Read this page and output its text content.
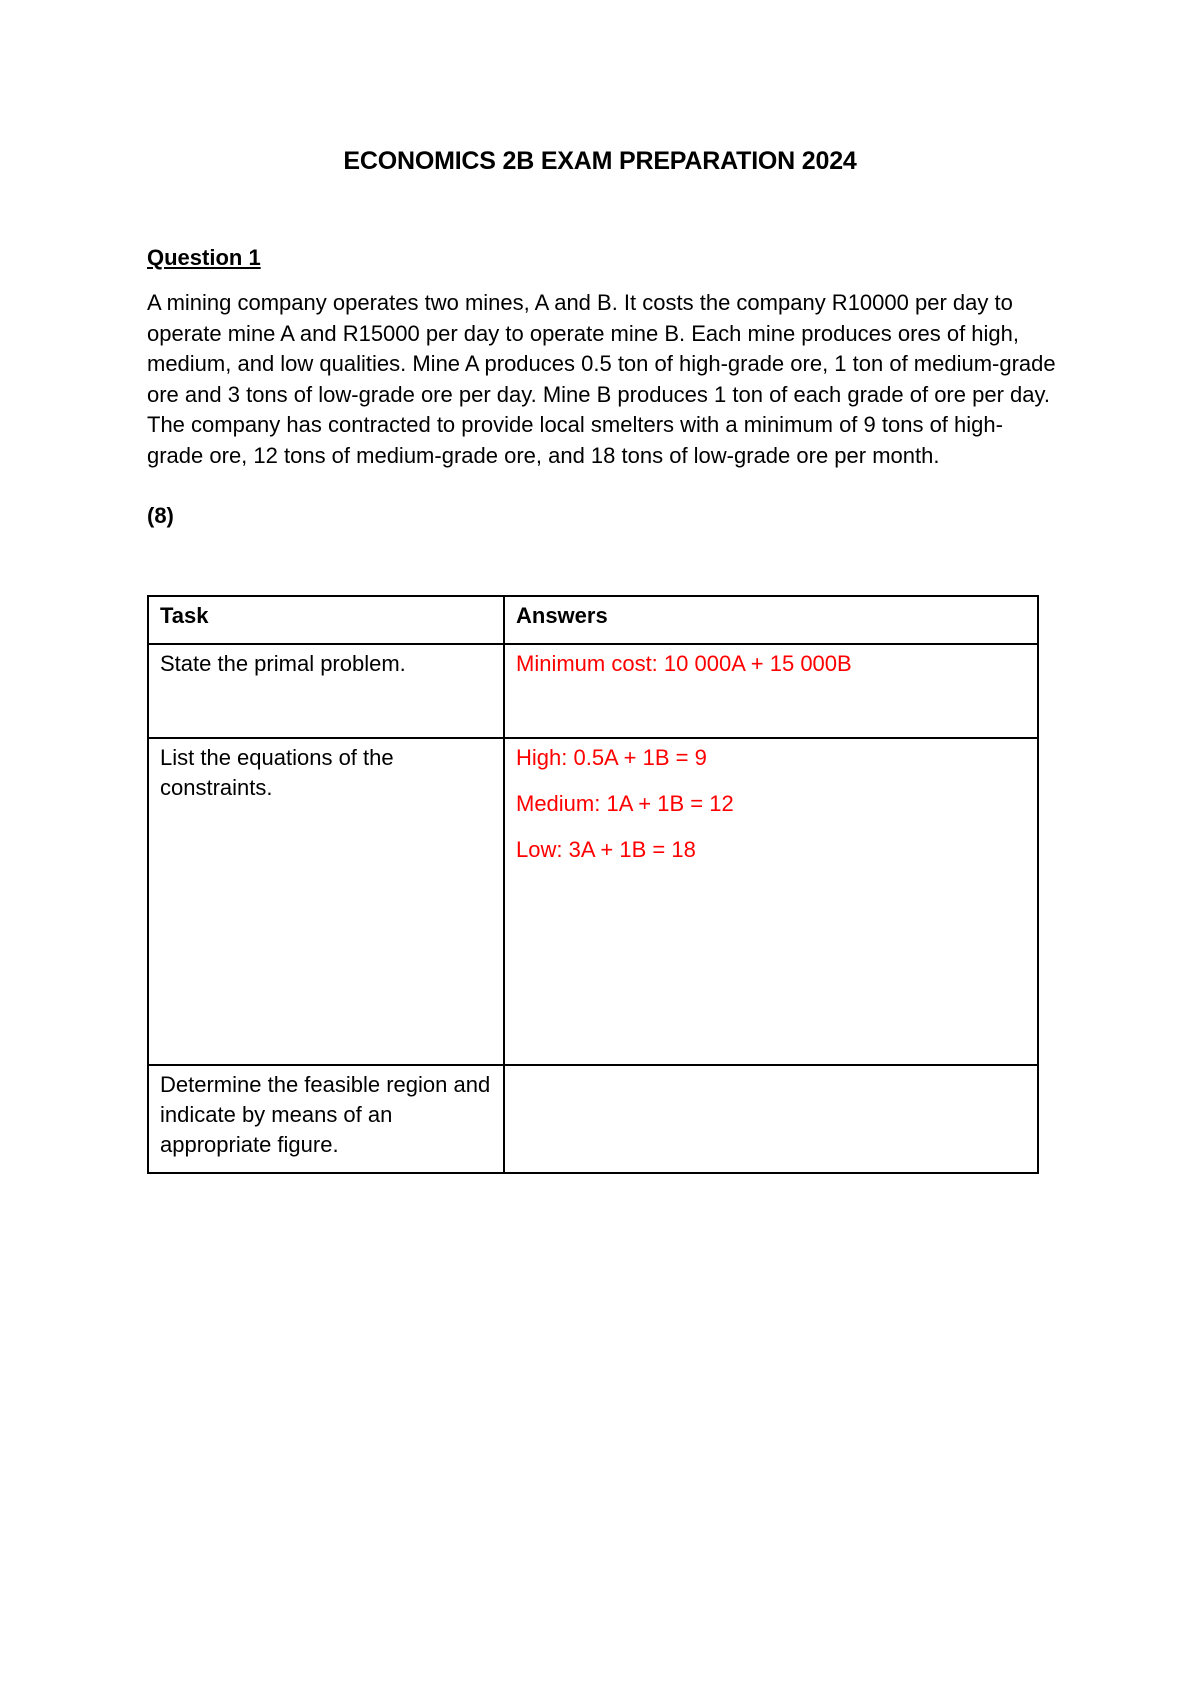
ECONOMICS 2B EXAM PREPARATION 2024
Question 1
A mining company operates two mines, A and B. It costs the company R10000 per day to operate mine A and R15000 per day to operate mine B. Each mine produces ores of high, medium, and low qualities. Mine A produces 0.5 ton of high-grade ore, 1 ton of medium-grade ore and 3 tons of low-grade ore per day. Mine B produces 1 ton of each grade of ore per day. The company has contracted to provide local smelters with a minimum of 9 tons of high-grade ore, 12 tons of medium-grade ore, and 18 tons of low-grade ore per month.
(8)
Task	Answers
State the primal problem.	Minimum cost: 10 000A + 15 000B

List the equations of the constraints.	High: 0.5A + 1B = 9
Medium: 1A + 1B = 12
Low: 3A + 1B = 18

Determine the feasible region and indicate by means of an appropriate figure.	
